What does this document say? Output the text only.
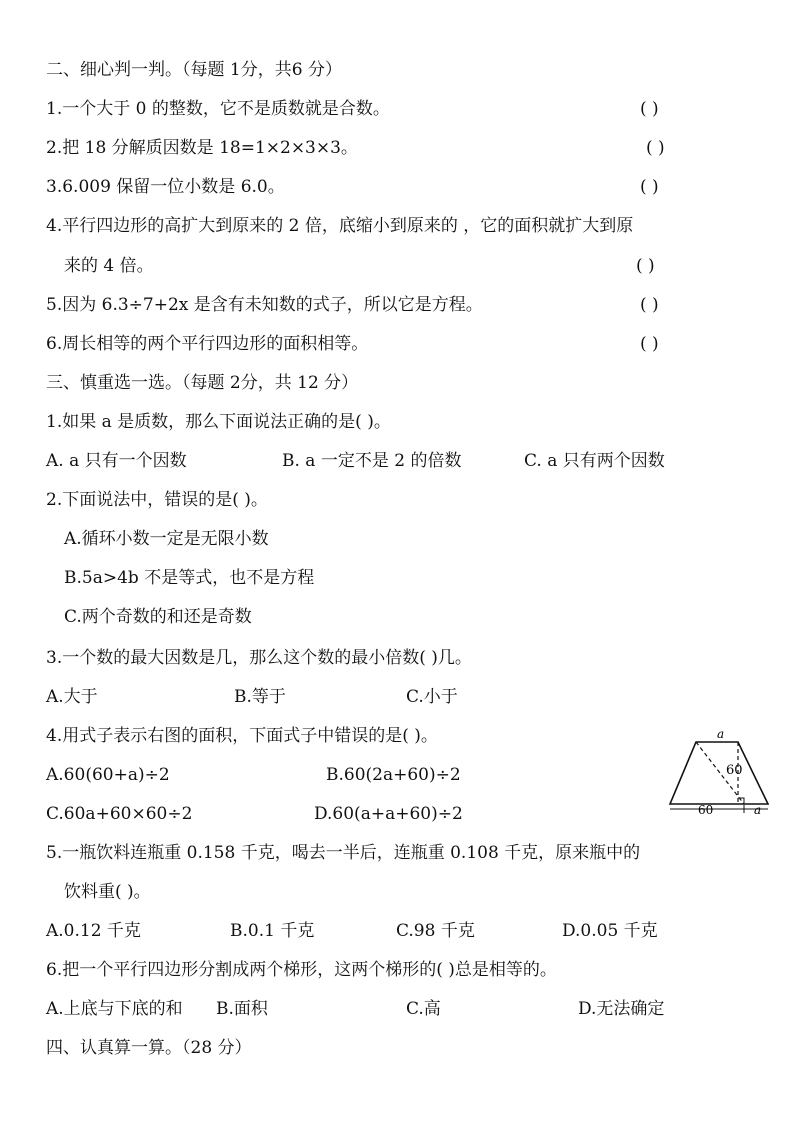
二、细心判一判。（每题 1分，共6 分）
1.一个大于 0 的整数，它不是质数就是合数。	( )
2.把 18 分解质因数是 18=1×2×3×3。	( )
3.6.009 保留一位小数是 6.0。	( )
4.平行四边形的高扩大到原来的 2 倍，底缩小到原来的 ，它的面积就扩大到原
来的 4 倍。	( )
5.因为 6.3÷7+2x 是含有未知数的式子，所以它是方程。	( )
6.周长相等的两个平行四边形的面积相等。	( )
三、慎重选一选。（每题 2分，共 12 分）
1.如果 a 是质数，那么下面说法正确的是( )。
A. a 只有一个因数	B. a 一定不是 2 的倍数	C. a 只有两个因数
2.下面说法中，错误的是( )。
A.循环小数一定是无限小数
B.5a>4b 不是等式，也不是方程
C.两个奇数的和还是奇数
3.一个数的最大因数是几，那么这个数的最小倍数( )几。
A.大于	B.等于	C.小于
4.用式子表示右图的面积，下面式子中错误的是( )。
A.60(60+a)÷2	B.60(2a+60)÷2
C.60a+60×60÷2	D.60(a+a+60)÷2
a
60
60	a
5.一瓶饮料连瓶重 0.158 千克，喝去一半后，连瓶重 0.108 千克，原来瓶中的
饮料重( )。
A.0.12 千克	B.0.1 千克	C.98 千克	D.0.05 千克
6.把一个平行四边形分割成两个梯形，这两个梯形的( )总是相等的。
A.上底与下底的和 B.面积	C.高	D.无法确定
四、认真算一算。（28 分）
